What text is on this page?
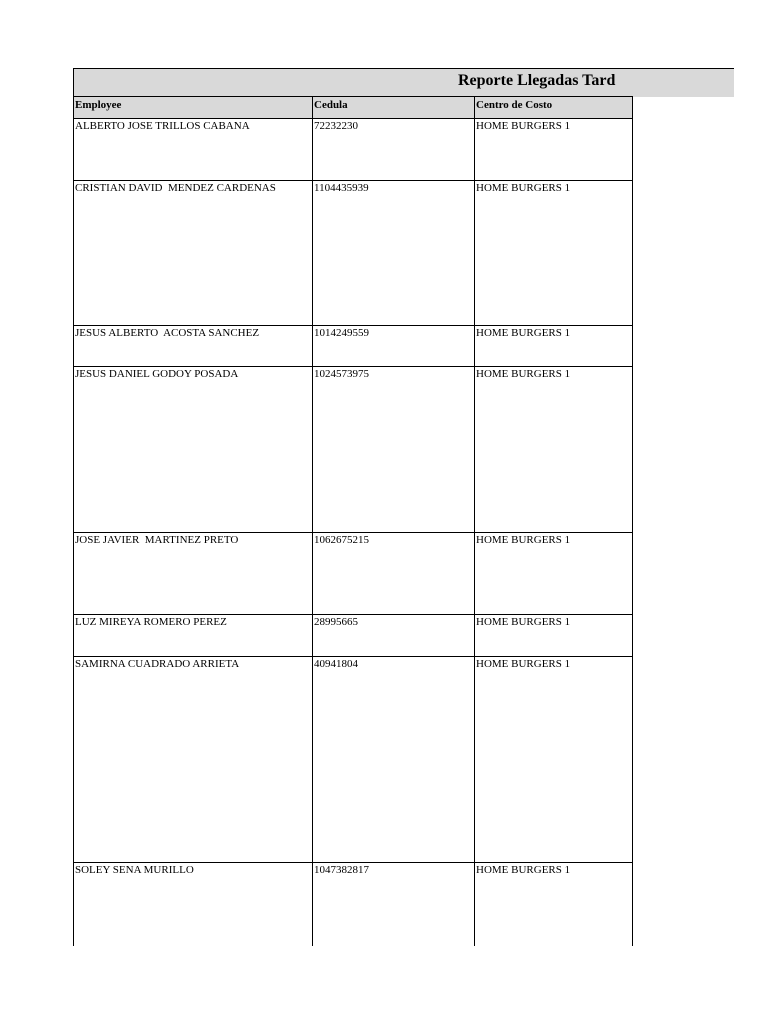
Reporte Llegadas Tard
Employee	Cedula	Centro de Costo
ALBERTO JOSE TRILLOS CABANA	72232230	HOME BURGERS 1
CRISTIAN DAVID  MENDEZ CARDENAS	1104435939	HOME BURGERS 1
JESUS ALBERTO  ACOSTA SANCHEZ	1014249559	HOME BURGERS 1
JESUS DANIEL GODOY POSADA	1024573975	HOME BURGERS 1
JOSE JAVIER  MARTINEZ PRETO	1062675215	HOME BURGERS 1
LUZ MIREYA ROMERO PEREZ	28995665	HOME BURGERS 1
SAMIRNA CUADRADO ARRIETA	40941804	HOME BURGERS 1
SOLEY SENA MURILLO	1047382817	HOME BURGERS 1
